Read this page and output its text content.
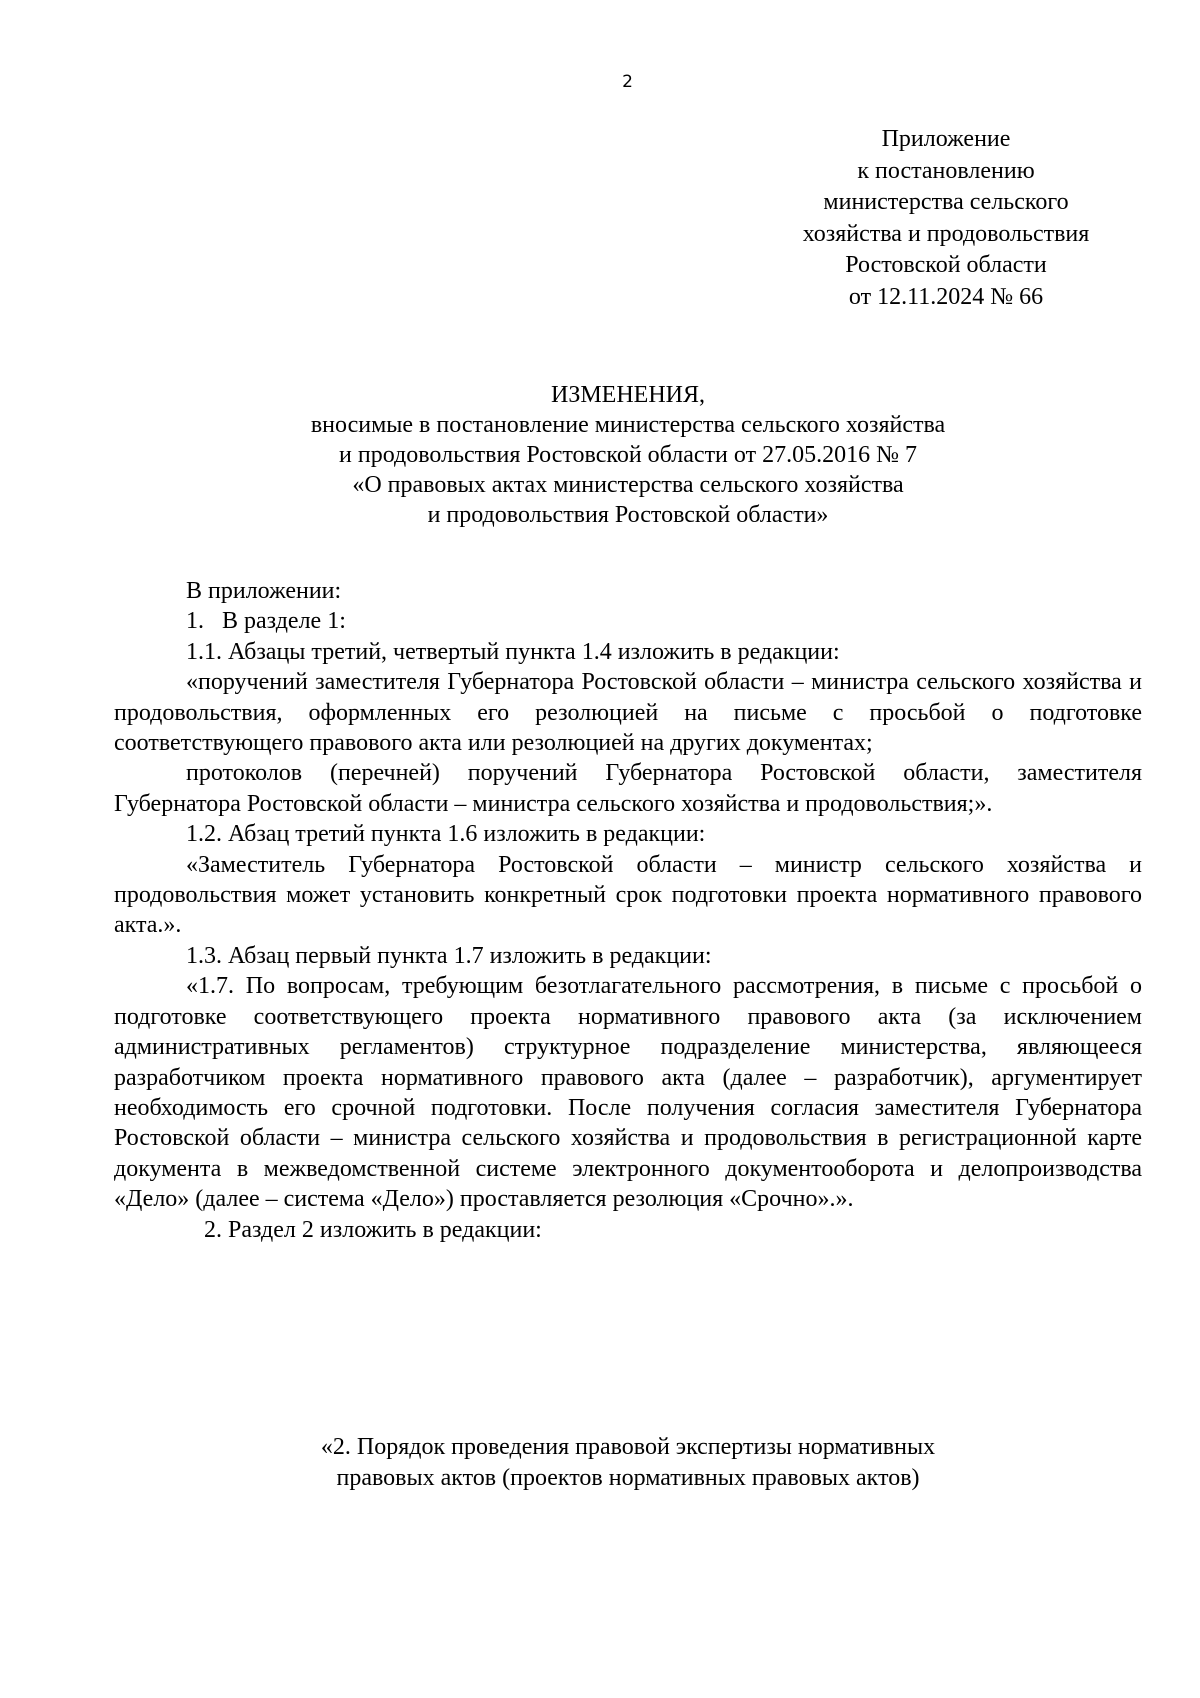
2
Приложение
к постановлению
министерства сельского
хозяйства и продовольствия
Ростовской области
от 12.11.2024 № 66
ИЗМЕНЕНИЯ,
вносимые в постановление министерства сельского хозяйства
и продовольствия Ростовской области от 27.05.2016 № 7
«О правовых актах министерства сельского хозяйства
и продовольствия Ростовской области»

В приложении:

1.   В разделе 1:

1.1. Абзацы третий, четвертый пункта 1.4 изложить в редакции:

«поручений заместителя Губернатора Ростовской области – министра сельского хозяйства и продовольствия, оформленных его резолюцией на письме с просьбой о подготовке соответствующего правового акта или резолюцией на других документах;

протоколов (перечней) поручений Губернатора Ростовской области, заместителя Губернатора Ростовской области – министра сельского хозяйства и продовольствия;».

1.2. Абзац третий пункта 1.6 изложить в редакции:

«Заместитель Губернатора Ростовской области – министр сельского хозяйства и продовольствия может установить конкретный срок подготовки проекта нормативного правового акта.».

1.3. Абзац первый пункта 1.7 изложить в редакции:

«1.7. По вопросам, требующим безотлагательного рассмотрения, в письме с просьбой о подготовке соответствующего проекта нормативного правового акта (за исключением административных регламентов) структурное подразделение министерства, являющееся разработчиком проекта нормативного правового акта (далее – разработчик), аргументирует необходимость его срочной подготовки. После получения согласия заместителя Губернатора Ростовской области – министра сельского хозяйства и продовольствия в регистрационной карте документа в межведомственной системе электронного документооборота и делопроизводства «Дело» (далее – система «Дело») проставляется резолюция «Срочно».».

2. Раздел 2 изложить в редакции:

«2. Порядок проведения правовой экспертизы нормативных
правовых актов (проектов нормативных правовых актов)
